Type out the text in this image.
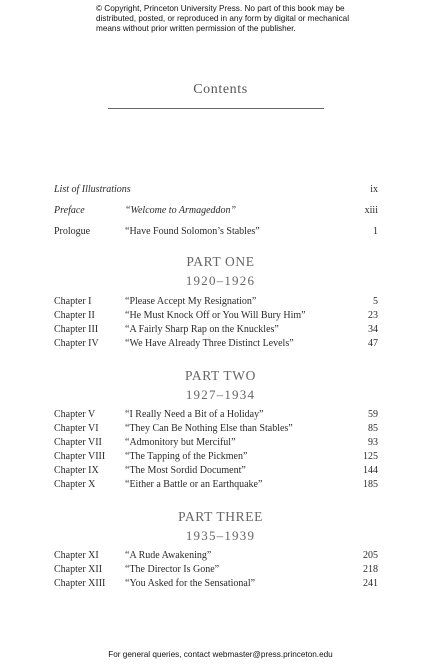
© Copyright, Princeton University Press. No part of this book may be
distributed, posted, or reproduced in any form by digital or mechanical
means without prior written permission of the publisher.
Contents
List of Illustrations	ix
Preface	“Welcome to Armageddon”	xiii
Prologue	“Have Found Solomon’s Stables”	1
PART ONE
1920–1926
Chapter I	“Please Accept My Resignation”	5
Chapter II	“He Must Knock Off or You Will Bury Him”	23
Chapter III	“A Fairly Sharp Rap on the Knuckles”	34
Chapter IV	“We Have Already Three Distinct Levels”	47
PART TWO
1927–1934
Chapter V	“I Really Need a Bit of a Holiday”	59
Chapter VI	“They Can Be Nothing Else than Stables”	85
Chapter VII “Admonitory but Merciful”	93
Chapter VIII “The Tapping of the Pickmen”	125
Chapter IX	“The Most Sordid Document”	144
Chapter X	“Either a Battle or an Earthquake”	185
PART THREE
1935–1939
Chapter XI	“A Rude Awakening”	205
Chapter XII “The Director Is Gone”	218
Chapter XIII “You Asked for the Sensational”	241
For general queries, contact webmaster@press.princeton.edu
